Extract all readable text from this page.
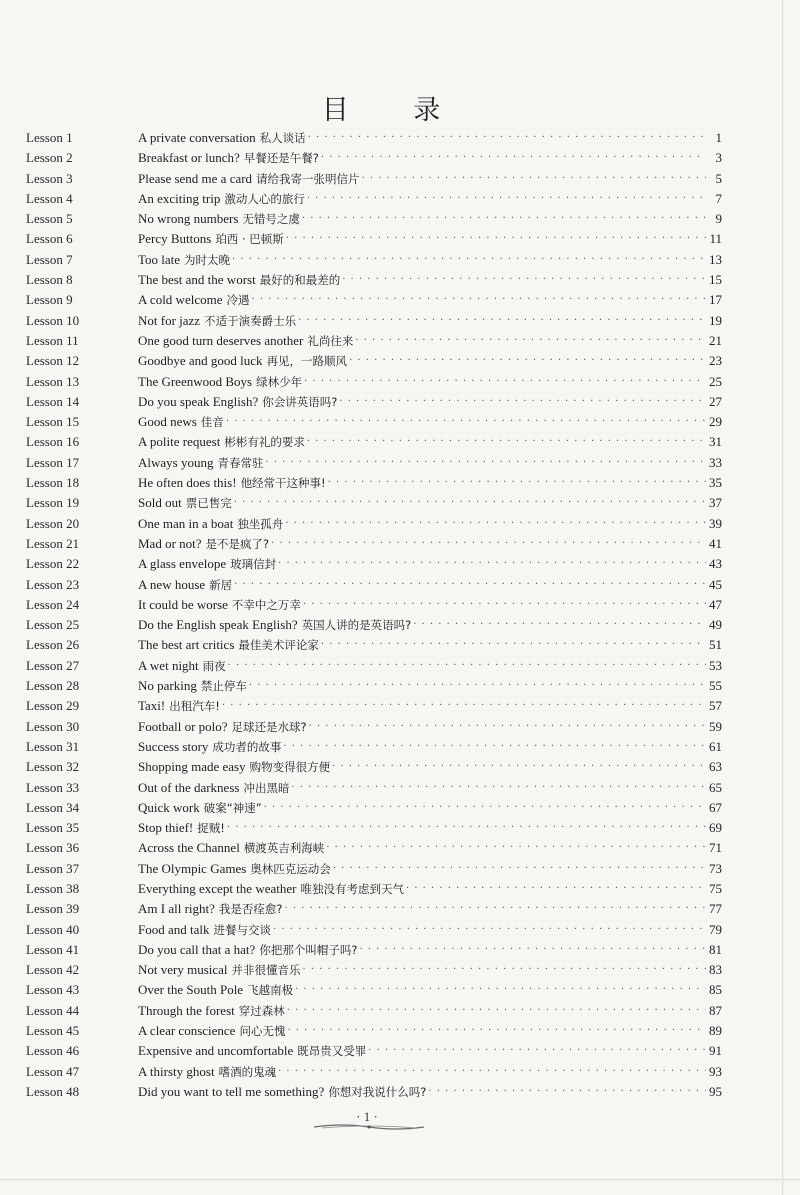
目 录
Lesson 1	A private conversation 私人谈话 · · ·	1
Lesson 2	Breakfast or lunch? 早餐还是午餐? · · ·	3
Lesson 3	Please send me a card 请给我寄一张明信片 · · ·	5
Lesson 4	An exciting trip 激动人心的旅行 · · ·	7
Lesson 5	No wrong numbers 无错号之虞 · · ·	9
Lesson 6	Percy Buttons 珀西 · 巴顿斯 · · ·	11
Lesson 7	Too late 为时太晚 · · ·	13
Lesson 8	The best and the worst 最好的和最差的 · · ·	15
Lesson 9	A cold welcome 冷遇 · · ·	17
Lesson 10	Not for jazz 不适于演奏爵士乐 · · ·	19
Lesson 11	One good turn deserves another 礼尚往来 · · ·	21
Lesson 12	Goodbye and good luck 再见，一路顺风 · · ·	23
Lesson 13	The Greenwood Boys 绿林少年 · · ·	25
Lesson 14	Do you speak English? 你会讲英语吗? · · ·	27
Lesson 15	Good news 佳音 · · ·	29
Lesson 16	A polite request 彬彬有礼的要求 · · ·	31
Lesson 17	Always young 青春常驻 · · ·	33
Lesson 18	He often does this! 他经常干这种事! · · ·	35
Lesson 19	Sold out 票已售完 · · ·	37
Lesson 20	One man in a boat 独坐孤舟 · · ·	39
Lesson 21	Mad or not? 是不是疯了? · · ·	41
Lesson 22	A glass envelope 玻璃信封 · · ·	43
Lesson 23	A new house 新居 · · ·	45
Lesson 24	It could be worse 不幸中之万幸 · · ·	47
Lesson 25	Do the English speak English? 英国人讲的是英语吗? · · ·	49
Lesson 26	The best art critics 最佳美术评论家 · · ·	51
Lesson 27	A wet night 雨夜 · · ·	53
Lesson 28	No parking 禁止停车 · · ·	55
Lesson 29	Taxi! 出租汽车! · · ·	57
Lesson 30	Football or polo? 足球还是水球? · · ·	59
Lesson 31	Success story 成功者的故事 · · ·	61
Lesson 32	Shopping made easy 购物变得很方便 · · ·	63
Lesson 33	Out of the darkness 冲出黑暗 · · ·	65
Lesson 34	Quick work 破案“神速” · · ·	67
Lesson 35	Stop thief! 捉贼! · · ·	69
Lesson 36	Across the Channel 横渡英吉利海峡 · · ·	71
Lesson 37	The Olympic Games 奥林匹克运动会 · · ·	73
Lesson 38	Everything except the weather 唯独没有考虑到天气 · · ·	75
Lesson 39	Am I all right? 我是否痊愈? · · ·	77
Lesson 40	Food and talk 进餐与交谈 · · ·	79
Lesson 41	Do you call that a hat? 你把那个叫帽子吗? · · ·	81
Lesson 42	Not very musical 并非很懂音乐 · · ·	83
Lesson 43	Over the South Pole 飞越南极 · · ·	85
Lesson 44	Through the forest 穿过森林 · · ·	87
Lesson 45	A clear conscience 问心无愧 · · ·	89
Lesson 46	Expensive and uncomfortable 既昂贵又受罪 · · ·	91
Lesson 47	A thirsty ghost 嗜酒的鬼魂 · · ·	93
Lesson 48	Did you want to tell me something? 你想对我说什么吗? · · ·	95
· 1 ·
